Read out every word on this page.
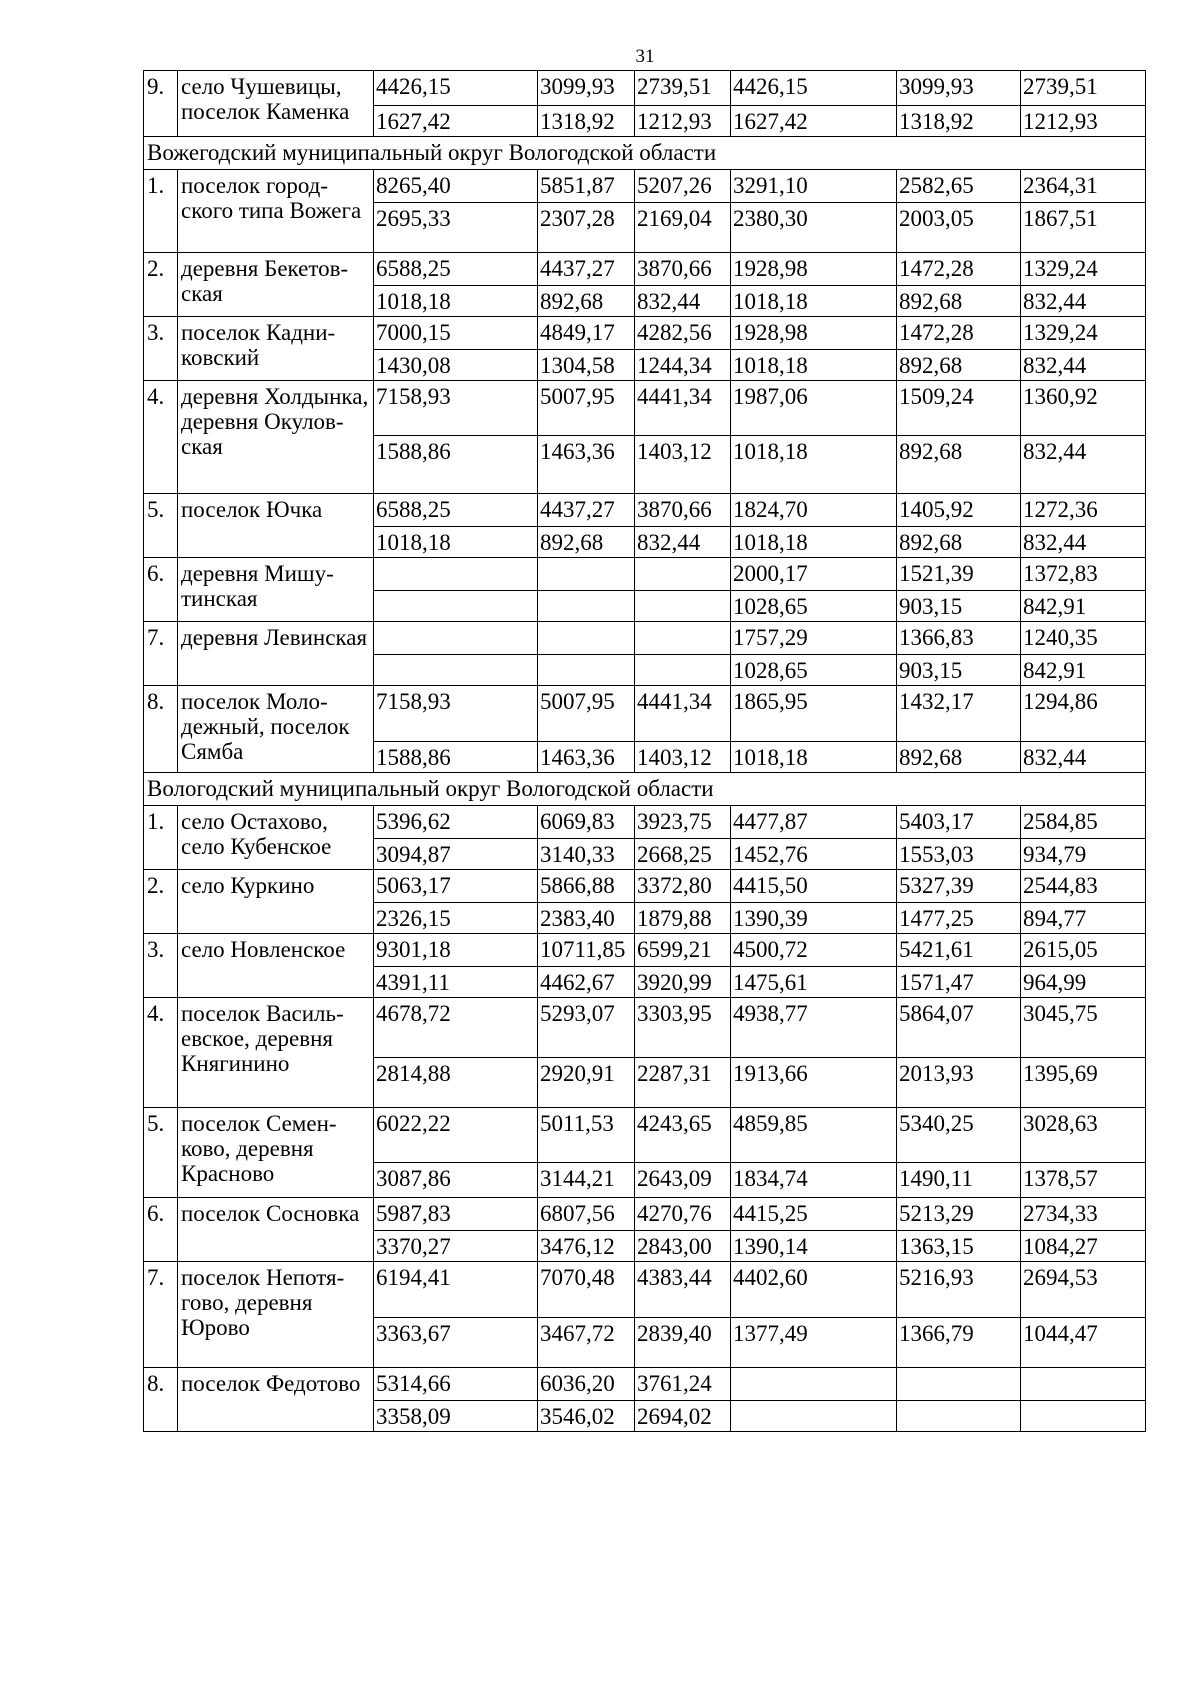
31
9.	село Чушевицы, поселок Каменка	4426,15	3099,93	2739,51	4426,15	3099,93	2739,51
		1627,42	1318,92	1212,93	1627,42	1318,92	1212,93
Вожегодский муниципальный округ Вологодской области							
1.	поселок городского типа Вожега	8265,40	5851,87	5207,26	3291,10	2582,65	2364,31
		2695,33	2307,28	2169,04	2380,30	2003,05	1867,51
2.	деревня Бекетовская	6588,25	4437,27	3870,66	1928,98	1472,28	1329,24
		1018,18	892,68	832,44	1018,18	892,68	832,44
3.	поселок Кадниковский	7000,15	4849,17	4282,56	1928,98	1472,28	1329,24
		1430,08	1304,58	1244,34	1018,18	892,68	832,44
4.	деревня Холдынка, деревня Окуловская	7158,93	5007,95	4441,34	1987,06	1509,24	1360,92
		1588,86	1463,36	1403,12	1018,18	892,68	832,44
5.	поселок Ючка	6588,25	4437,27	3870,66	1824,70	1405,92	1272,36
		1018,18	892,68	832,44	1018,18	892,68	832,44
6.	деревня Мишутинская				2000,17	1521,39	1372,83
					1028,65	903,15	842,91
7.	деревня Левинская				1757,29	1366,83	1240,35
					1028,65	903,15	842,91
8.	поселок Молодежный, поселок Сямба	7158,93	5007,95	4441,34	1865,95	1432,17	1294,86
		1588,86	1463,36	1403,12	1018,18	892,68	832,44
Вологодский муниципальный округ Вологодской области							
1.	село Остахово, село Кубенское	5396,62	6069,83	3923,75	4477,87	5403,17	2584,85
		3094,87	3140,33	2668,25	1452,76	1553,03	934,79
2.	село Куркино	5063,17	5866,88	3372,80	4415,50	5327,39	2544,83
		2326,15	2383,40	1879,88	1390,39	1477,25	894,77
3.	село Новленское	9301,18	10711,85	6599,21	4500,72	5421,61	2615,05
		4391,11	4462,67	3920,99	1475,61	1571,47	964,99
4.	поселок Васильевское, деревня Княгинино	4678,72	5293,07	3303,95	4938,77	5864,07	3045,75
		2814,88	2920,91	2287,31	1913,66	2013,93	1395,69
5.	поселок Семенково, деревня Красново	6022,22	5011,53	4243,65	4859,85	5340,25	3028,63
		3087,86	3144,21	2643,09	1834,74	1490,11	1378,57
6.	поселок Сосновка	5987,83	6807,56	4270,76	4415,25	5213,29	2734,33
		3370,27	3476,12	2843,00	1390,14	1363,15	1084,27
7.	поселок Непотягово, деревня Юрово	6194,41	7070,48	4383,44	4402,60	5216,93	2694,53
		3363,67	3467,72	2839,40	1377,49	1366,79	1044,47
8.	поселок Федотово	5314,66	6036,20	3761,24			
		3358,09	3546,02	2694,02			
